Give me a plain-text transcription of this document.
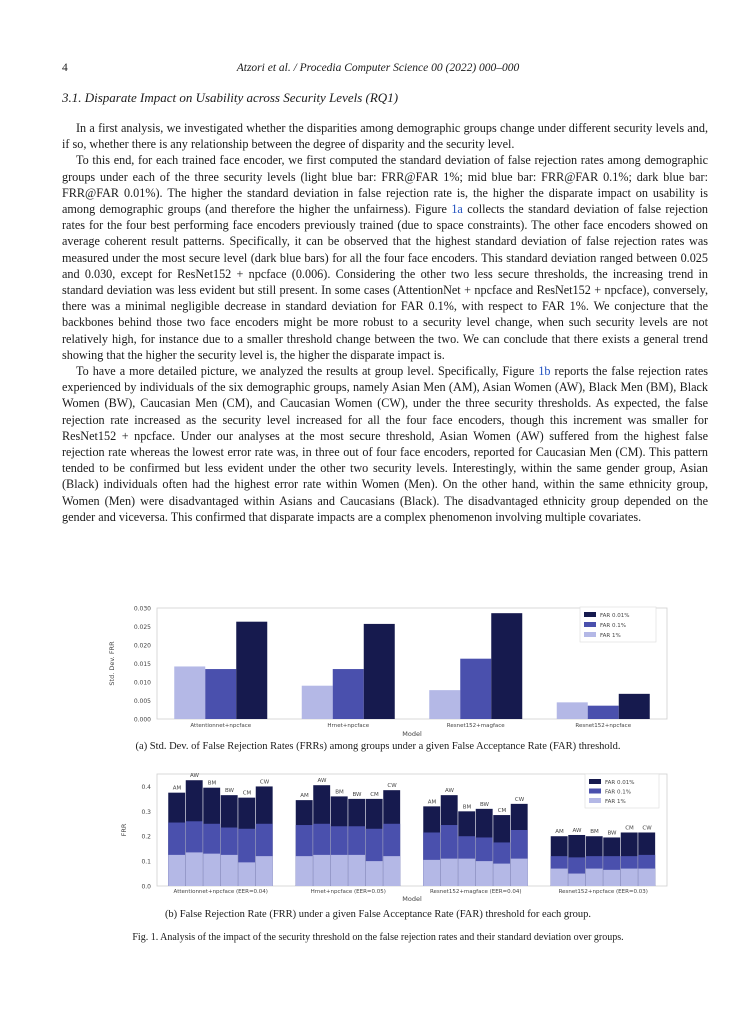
4	Atzori et al. / Procedia Computer Science 00 (2022) 000–000
3.1. Disparate Impact on Usability across Security Levels (RQ1)

In a first analysis, we investigated whether the disparities among demographic groups change under different security levels and, if so, whether there is any relationship between the degree of disparity and the security level.

To this end, for each trained face encoder, we first computed the standard deviation of false rejection rates among demographic groups under each of the three security levels (light blue bar: FRR@FAR 1%; mid blue bar: FRR@FAR 0.1%; dark blue bar: FRR@FAR 0.01%). The higher the standard deviation in false rejection rate is, the higher the disparate impact on usability is among demographic groups (and therefore the higher the unfairness). Figure 1a collects the standard deviation of false rejection rates for the four best performing face encoders previously trained (due to space constraints). The other face encoders showed on average coherent result patterns. Specifically, it can be observed that the highest standard deviation of false rejection rates was measured under the most secure level (dark blue bars) for all the four face encoders. This standard deviation ranged between 0.025 and 0.030, except for ResNet152 + npcface (0.006). Considering the other two less secure thresholds, the increasing trend in standard deviation was less evident but still present. In some cases (AttentionNet + npcface and ResNet152 + npcface), conversely, there was a minimal negligible decrease in standard deviation for FAR 0.1%, with respect to FAR 1%. We conjecture that the backbones behind those two face encoders might be more robust to a security level change, when such security levels are not relatively high, for instance due to a smaller threshold change between the two. We can conclude that there exists a general trend showing that the higher the security level is, the higher the disparate impact is.

To have a more detailed picture, we analyzed the results at group level. Specifically, Figure 1b reports the false rejection rates experienced by individuals of the six demographic groups, namely Asian Men (AM), Asian Women (AW), Black Men (BM), Black Women (BW), Caucasian Men (CM), and Caucasian Women (CW), under the three security thresholds. As expected, the false rejection rate increased as the security level increased for all the four face encoders, though this increment was smaller for ResNet152 + npcface. Under our analyses at the most secure threshold, Asian Women (AW) suffered from the highest false rejection rate whereas the lowest error rate was, in three out of four face encoders, reported for Caucasian Men (CM). This pattern tended to be confirmed but less evident under the other two security levels. Interestingly, within the same gender group, Asian (Black) individuals often had the highest error rate within Women (Men). On the other hand, within the same ethnicity group, Women (Men) were disadvantaged within Asians and Caucasians (Black). The disadvantaged ethnicity group depended on the gender and viceversa. This confirmed that disparate impacts are a complex phenomenon involving multiple covariates.

0.000
0.005
0.010
0.015
0.020
0.025
0.030
Std. Dev. FRR
Model
Attentionnet+npcface	Hrnet+npcface	Resnet152+magface	Resnet152+npcface
FAR 0.01%
FAR 0.1%
FAR 1%
(a) Std. Dev. of False Rejection Rates (FRRs) among groups under a given False Acceptance Rate (FAR) threshold.
0.0
0.1
0.2
0.3
0.4
FRR
Model
AM
AW
BM
BW CM
CW
Attentionnet+npcface (EER=0.04)
AM
AW
BM BW CM
CW
Hrnet+npcface (EER=0.05)
AM
AW
BM BW
CM
CW
Resnet152+magface (EER=0.04)
AM AW BM BW
CM CW
Resnet152+npcface (EER=0.03)
FAR 0.01%
FAR 0.1%
FAR 1%
(b) False Rejection Rate (FRR) under a given False Acceptance Rate (FAR) threshold for each group.
Fig. 1. Analysis of the impact of the security threshold on the false rejection rates and their standard deviation over groups.
